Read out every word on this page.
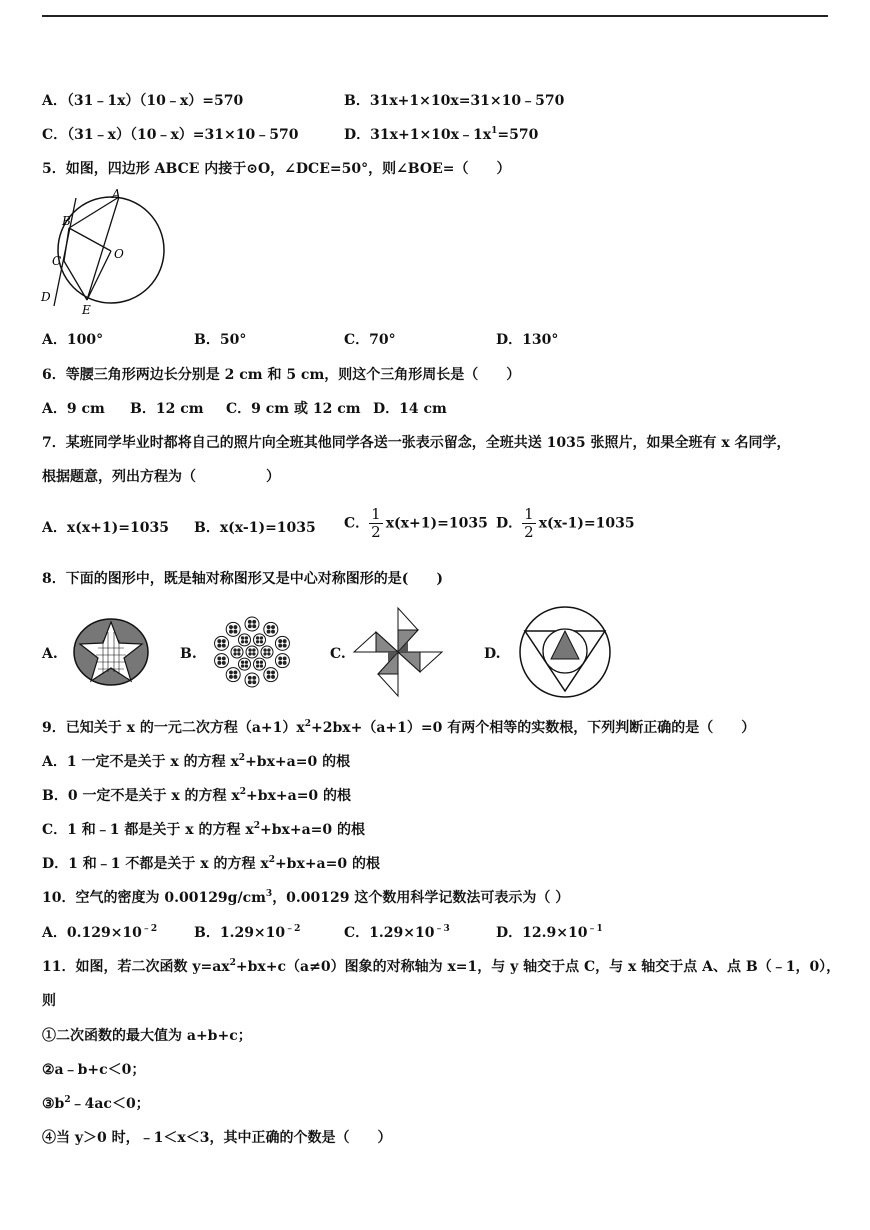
A．（31﹣1x）（10﹣x）=570	B．31x+1×10x=31×10﹣570
C．（31﹣x）（10﹣x）=31×10﹣570	D．$31x+1\times 10x﹣1x^1=570$
5．如图，四边形 ABCE 内接于⊙O，∠DCE=50°，则∠BOE=（　　）
A
B
O
C
D
E
A．100°	B．50°	C．70°	D．130°
6．等腰三角形两边长分别是 2 cm 和 5 cm，则这个三角形周长是（　　）
A．9 cm B．12 cm C．9 cm 或 12 cm D．14 cm
7．某班同学毕业时都将自己的照片向全班其他同学各送一张表示留念，全班共送 1035 张照片，如果全班有 x 名同学，
根据题意，列出方程为（　　　　　）
A．x(x+1)=1035 B．x(x-1)=1035 C． $\frac{1}{2} x(x+1)=1035$ D． $\frac{1}{2} x(x-1)=1035$
8．下面的图形中，既是轴对称图形又是中心对称图形的是(　　)
A.	B.	C.	D.
9．已知关于 x 的一元二次方程$(a+1)x^2+2bx+(a+1)=0$ 有两个相等的实数根，下列判断正确的是（　　）
A．1 一定不是关于 x 的方程 $x^2+bx+a=0$ 的根
B．0 一定不是关于 x 的方程 $x^2+bx+a=0$ 的根
C．1 和﹣1 都是关于 x 的方程 $x^2+bx+a=0$ 的根
D．1 和﹣1 不都是关于 x 的方程 $x^2+bx+a=0$ 的根
10．空气的密度为 $0.00129g/cm^3$，0.00129 这个数用科学记数法可表示为（ ）
A．$0.129\times 10^{﹣2}$	B．$1.29\times 10^{﹣2}$	C．$1.29\times 10^{﹣3}$	D．$12.9\times 10^{﹣1}$
11．如图，若二次函数 $y=ax^2+bx+c(a\ne 0)$图象的对称轴为 x=1，与 y 轴交于点 C，与 x 轴交于点 A、点 B（﹣1，0），
则
①二次函数的最大值为 a+b+c；
②a﹣b+c＜0；
$③b^2﹣4ac<0$；
④当 y＞0 时，﹣1＜x＜3，其中正确的个数是（　　）
